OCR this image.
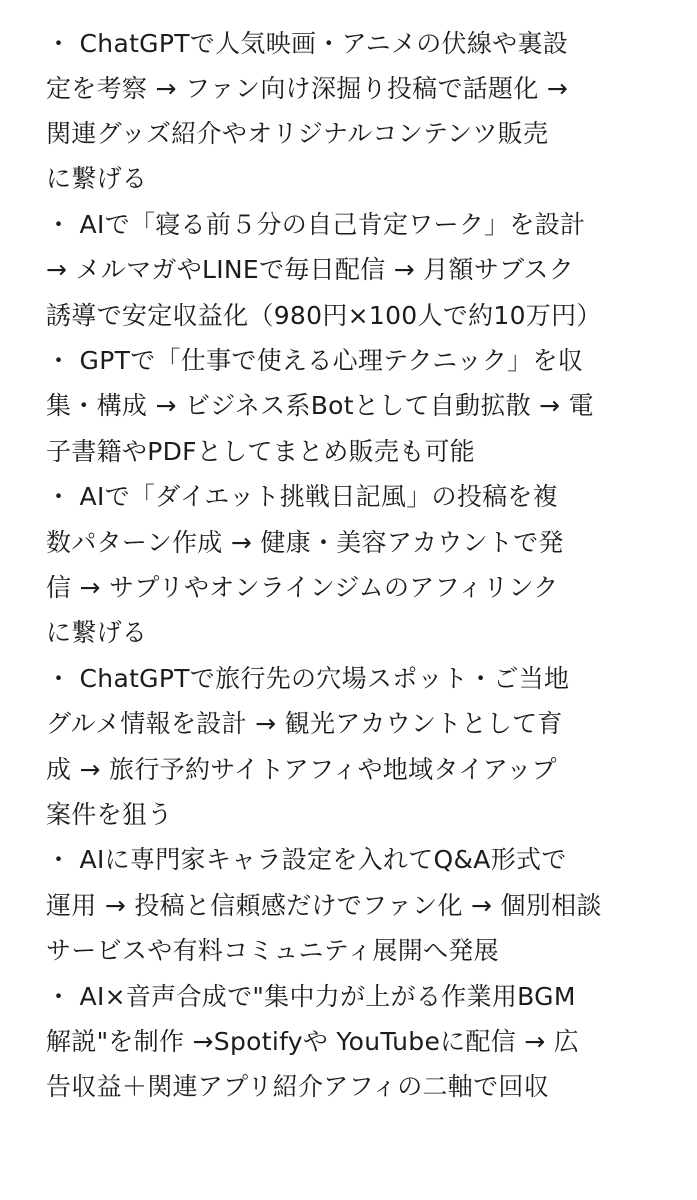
・ ChatGPTで人気映画・アニメの伏線や裏設
定を考察 → ファン向け深掘り投稿で話題化 →
関連グッズ紹介やオリジナルコンテンツ販売
に繋げる
・ AIで「寝る前５分の自己肯定ワーク」を設計
→ メルマガやLINEで毎日配信 → 月額サブスク
誘導で安定収益化（980円×100人で約10万円）
・ GPTで「仕事で使える心理テクニック」を収
集・構成 → ビジネス系Botとして自動拡散 → 電
子書籍やPDFとしてまとめ販売も可能
・ AIで「ダイエット挑戦日記風」の投稿を複
数パターン作成 → 健康・美容アカウントで発
信 → サプリやオンラインジムのアフィリンク
に繋げる
・ ChatGPTで旅行先の穴場スポット・ご当地
グルメ情報を設計 → 観光アカウントとして育
成 → 旅行予約サイトアフィや地域タイアップ
案件を狙う
・ AIに専門家キャラ設定を入れてQ&A形式で
運用 → 投稿と信頼感だけでファン化 → 個別相談
サービスや有料コミュニティ展開へ発展
・ AI×音声合成で"集中力が上がる作業用BGM
解説"を制作 →Spotifyや YouTubeに配信 → 広
告収益＋関連アプリ紹介アフィの二軸で回収
